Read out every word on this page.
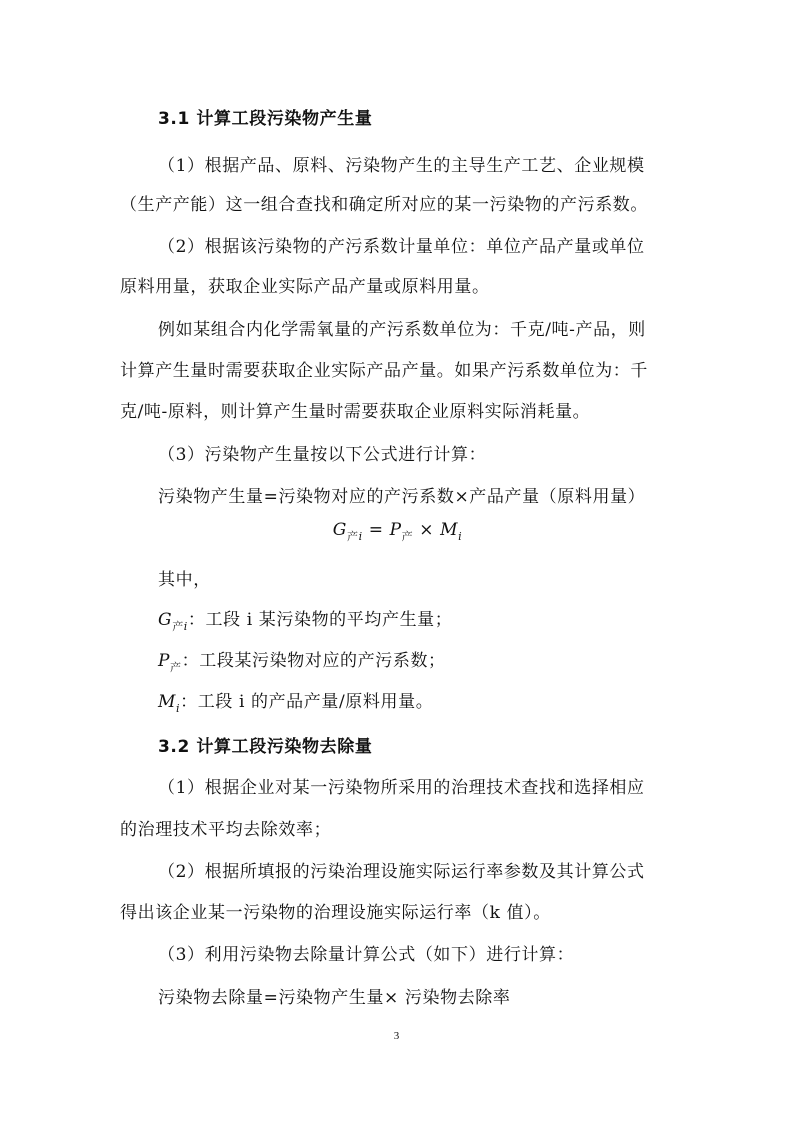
3.1 计算工段污染物产生量
（1）根据产品、原料、污染物产生的主导生产工艺、企业规模
（生产产能）这一组合查找和确定所对应的某一污染物的产污系数。
（2）根据该污染物的产污系数计量单位：单位产品产量或单位
原料用量，获取企业实际产品产量或原料用量。
例如某组合内化学需氧量的产污系数单位为：千克/吨-产品，则
计算产生量时需要获取企业实际产品产量。如果产污系数单位为：千
克/吨-原料，则计算产生量时需要获取企业原料实际消耗量。
（3）污染物产生量按以下公式进行计算：
污染物产生量=污染物对应的产污系数×产品产量（原料用量）
$G_{产i} = P_产 \times M_i$
其中，
$G_{产i}$：工段 i 某污染物的平均产生量；
$P_产$：工段某污染物对应的产污系数；
$M_i$：工段 i 的产品产量/原料用量。
3.2 计算工段污染物去除量
（1）根据企业对某一污染物所采用的治理技术查找和选择相应
的治理技术平均去除效率；
（2）根据所填报的污染治理设施实际运行率参数及其计算公式
得出该企业某一污染物的治理设施实际运行率（k 值）。
（3）利用污染物去除量计算公式（如下）进行计算：
污染物去除量=污染物产生量× 污染物去除率
3
